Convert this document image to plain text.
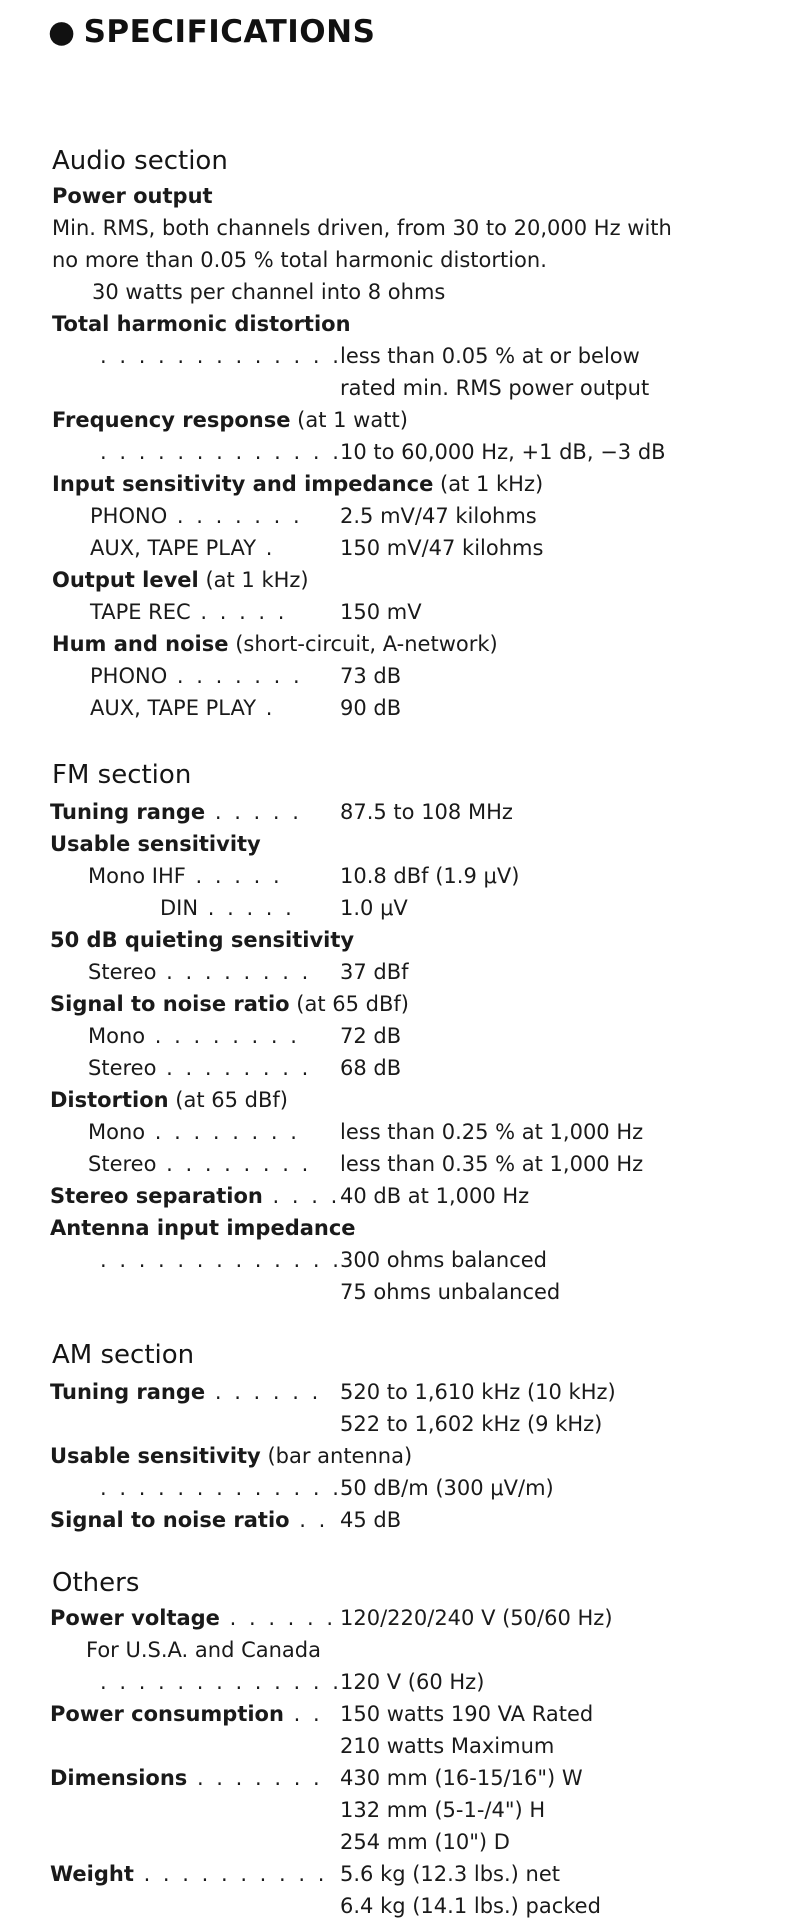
● SPECIFICATIONS
Audio section
Power output
Min. RMS, both channels driven, from 30 to 20,000 Hz with
no more than 0.05 % total harmonic distortion.
30 watts per channel into 8 ohms
Total harmonic distortion
. . . . . . . . . . . . .
less than 0.05 % at or below
rated min. RMS power output
Frequency response (at 1 watt)
. . . . . . . . . . . . .
10 to 60,000 Hz, +1 dB, −3 dB
Input sensitivity and impedance (at 1 kHz)
PHONO . . . . . . . 2.5 mV/47 kilohms
AUX, TAPE PLAY .	150 mV/47 kilohms
Output level (at 1 kHz)
TAPE REC . . . . .	150 mV
Hum and noise (short-circuit, A-network)
PHONO . . . . . . . 73 dB
AUX, TAPE PLAY .	90 dB
FM section
Tuning range . . . . . 87.5 to 108 MHz
Usable sensitivity
Mono IHF . . . . .	10.8 dBf (1.9 μV)
DIN . . . . . 1.0 μV
50 dB quieting sensitivity
Stereo . . . . . . . . 37 dBf
Signal to noise ratio (at 65 dBf)
Mono . . . . . . . . 72 dB
Stereo . . . . . . . . 68 dB
Distortion (at 65 dBf)
Mono . . . . . . . . less than 0.25 % at 1,000 Hz
Stereo . . . . . . . . less than 0.35 % at 1,000 Hz
Stereo separation . . . . 40 dB at 1,000 Hz
Antenna input impedance
. . . . . . . . . . . . .
300 ohms balanced
75 ohms unbalanced
AM section
Tuning range . . . . . . 520 to 1,610 kHz (10 kHz)
522 to 1,602 kHz (9 kHz)
Usable sensitivity (bar antenna)
. . . . . . . . . . . . .
50 dB/m (300 μV/m)
Signal to noise ratio . . 45 dB
Others
Power voltage . . . . . . 120/220/240 V (50/60 Hz)
For U.S.A. and Canada
. . . . . . . . . . . . .
120 V (60 Hz)
Power consumption . . 150 watts 190 VA Rated
210 watts Maximum
Dimensions . . . . . . . 430 mm (16-15/16") W
132 mm (5-1-/4") H
254 mm (10") D
Weight . . . . . . . . . . 5.6 kg (12.3 lbs.) net
6.4 kg (14.1 lbs.) packed
